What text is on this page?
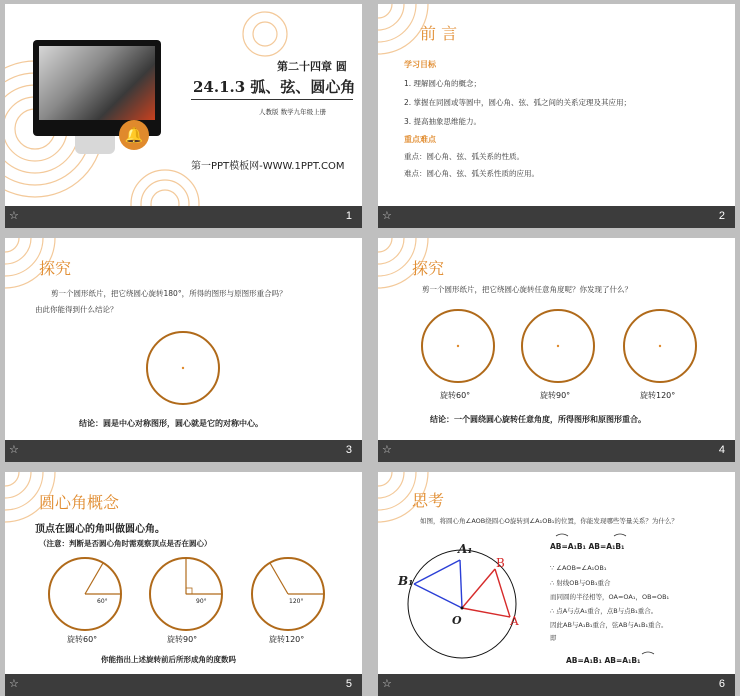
🔔
第二十四章 圆
24.1.3 弧、弦、圆心角
人教版 数学九年级上册
第一PPT模板网-WWW.1PPT.COM
☆	1
前 言
学习目标
1. 理解圆心角的概念；
2. 掌握在同圆或等圆中，圆心角、弦、弧之间的关系定理及其应用；
3. 提高抽象思维能力。
重点难点
重点：圆心角、弦、弧关系的性质。
难点：圆心角、弦、弧关系性质的应用。
☆	2
探究
剪一个圆形纸片，把它绕圆心旋转180°，所得的图形与原图形重合吗？
由此你能得到什么结论？
结论：圆是中心对称图形，圆心就是它的对称中心。
☆	3
探究
剪一个圆形纸片，把它绕圆心旋转任意角度呢？你发现了什么？
旋转60°	旋转90°	旋转120°
结论：一个圆绕圆心旋转任意角度，所得图形和原图形重合。
☆	4
圆心角概念
顶点在圆心的角叫做圆心角。
（注意：判断是否圆心角时需观察顶点是否在圆心）
60°	90°	120°
旋转60°	旋转90°	旋转120°
你能指出上述旋转前后所形成角的度数吗
☆	5
思考
如图，将圆心角∠AOB绕圆心O旋转到∠A₁OB₁的位置，你能发现哪些等量关系？为什么？
A₁
B
B₁
O	A
AB=A₁B₁ AB=A₁B₁
∵ ∠AOB=∠A₁OB₁
∴ 射线OB与OB₁重合
而同圆的半径相等，OA=OA₁，OB=OB₁
∴ 点A与点A₁重合，点B与点B₁重合。
因此AB与A₁B₁重合，弦AB与A₁B₁重合。
即
AB=A₁B₁ AB=A₁B₁
☆	6
